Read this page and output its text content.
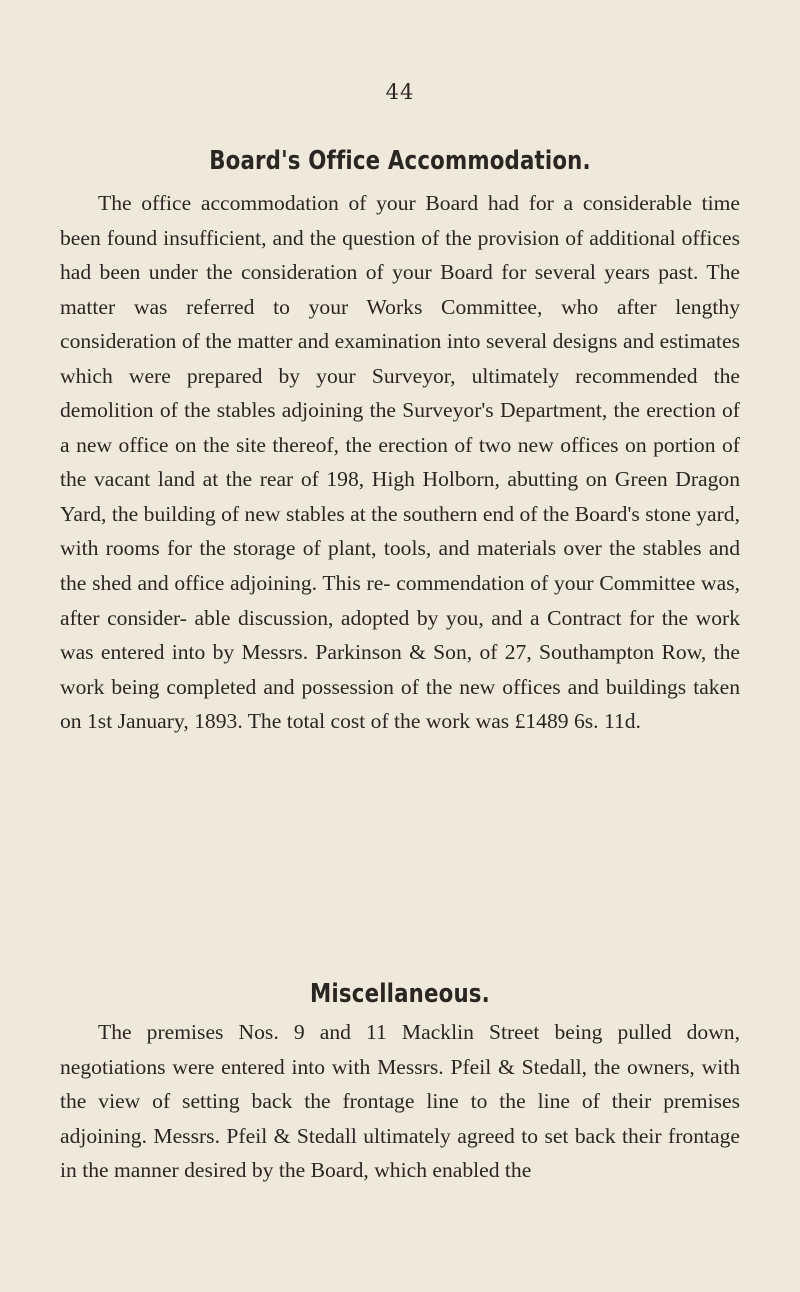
44
Board's Office Accommodation.

The office accommodation of your Board had for a considerable time been found insufficient, and the question of the provision of additional offices had been under the consideration of your Board for several years past. The matter was referred to your Works Committee, who after lengthy consideration of the matter and examination into several designs and estimates which were prepared by your Surveyor, ultimately recommended the demolition of the stables adjoining the Surveyor's Department, the erection of a new office on the site thereof, the erection of two new offices on portion of the vacant land at the rear of 198, High Holborn, abutting on Green Dragon Yard, the building of new stables at the southern end of the Board's stone yard, with rooms for the storage of plant, tools, and materials over the stables and the shed and office adjoining. This re- commendation of your Committee was, after consider- able discussion, adopted by you, and a Contract for the work was entered into by Messrs. Parkinson & Son, of 27, Southampton Row, the work being completed and possession of the new offices and buildings taken on 1st January, 1893. The total cost of the work was £1489 6s. 11d.

Miscellaneous.

The premises Nos. 9 and 11 Macklin Street being pulled down, negotiations were entered into with Messrs. Pfeil & Stedall, the owners, with the view of setting back the frontage line to the line of their premises adjoining. Messrs. Pfeil & Stedall ultimately agreed to set back their frontage in the manner desired by the Board, which enabled the
